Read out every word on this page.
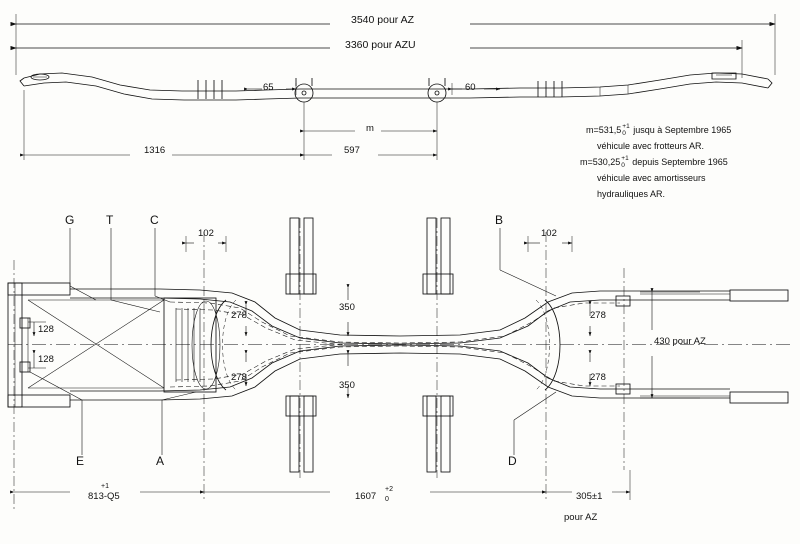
3540 pour AZ
3360 pour AZU
65	60
m
1316	597
m=531,5+1
0 jusqu à Septembre 1965
véhicule avec frotteurs AR.
m=530,25+1
0 depuis Septembre 1965
véhicule avec amortisseurs
hydrauliques AR.
G	T	C	B
E	A	D
102	102
128
128
278
278
278
278
350
350
430 pour AZ
+1
813-Q5	1607
+2
0	305±1
pour AZ
